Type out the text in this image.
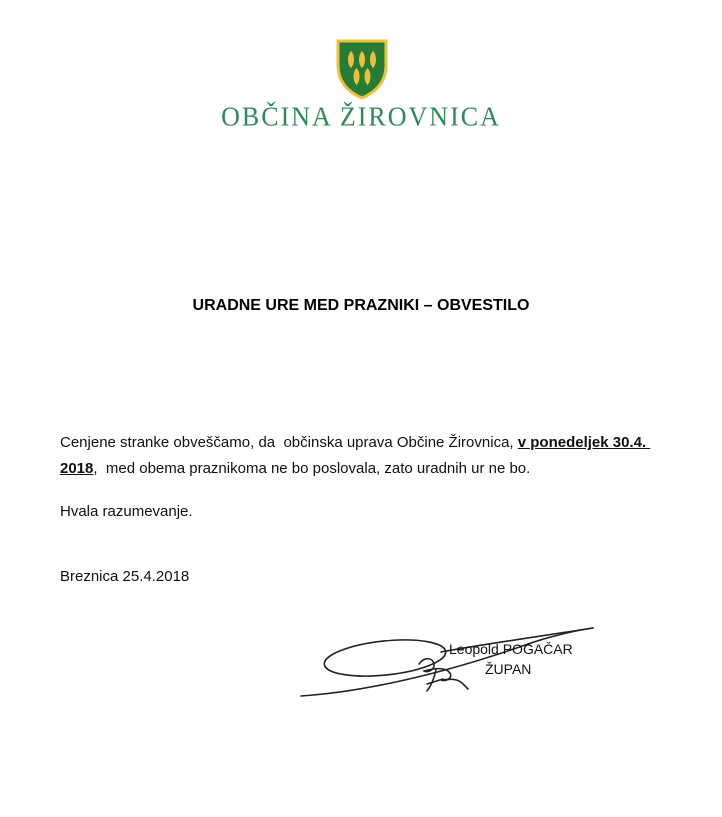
OBČINA ŽIROVNICA
URADNE URE MED PRAZNIKI – OBVESTILO

Cenjene stranke obveščamo, da  občinska uprava Občine Žirovnica, v ponedeljek 30.4. 2018,  med obema praznikoma ne bo poslovala, zato uradnih ur ne bo.

Hvala razumevanje.
Breznica 25.4.2018
Leopold POGAČAR
ŽUPAN
